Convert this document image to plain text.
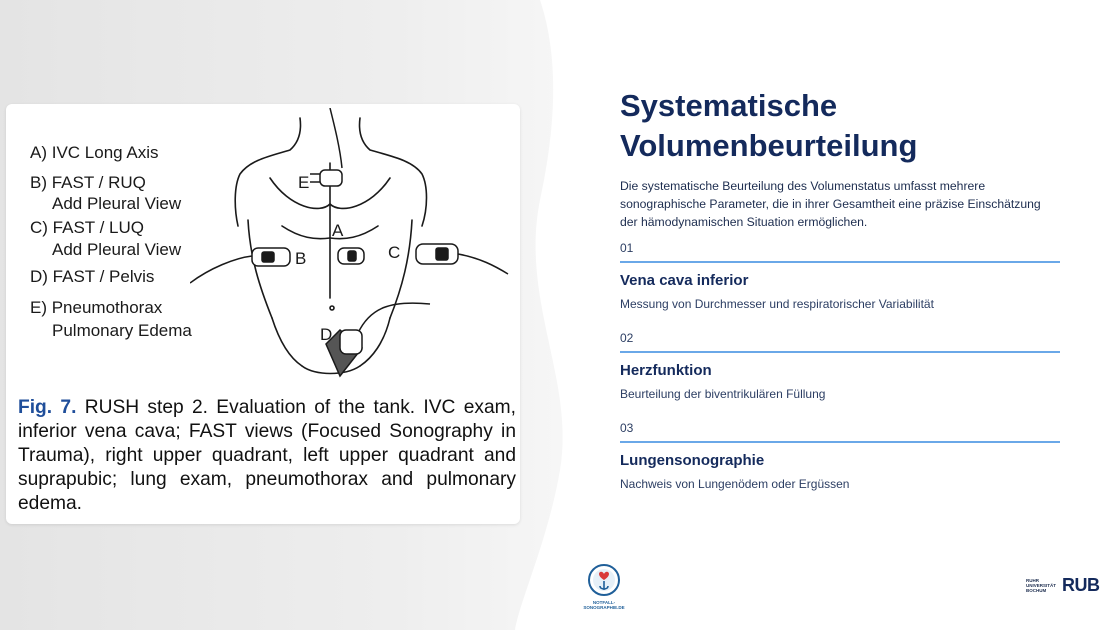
A) IVC Long Axis
B) FAST / RUQ
Add Pleural View
C) FAST / LUQ
Add Pleural View
D) FAST / Pelvis
E) Pneumothorax
Pulmonary Edema
A
B	C
D
E
Fig. 7. RUSH step 2. Evaluation of the tank. IVC exam, inferior vena cava; FAST views (Focused Sonography in Trauma), right upper quadrant, left upper quadrant and suprapubic; lung exam, pneumothorax and pulmonary edema.
Systematische Volumenbeurteilung
Die systematische Beurteilung des Volumenstatus umfasst mehrere sonographische Parameter, die in ihrer Gesamtheit eine präzise Einschätzung der hämodynamischen Situation ermöglichen.
01
Vena cava inferior
Messung von Durchmesser und respiratorischer Variabilität
02
Herzfunktion
Beurteilung der biventrikulären Füllung
03
Lungensonographie
Nachweis von Lungenödem oder Ergüssen
NOTFALL-
SONOGRAPHIE.DE
RUHR
UNIVERSITÄT
BOCHUM RUB
